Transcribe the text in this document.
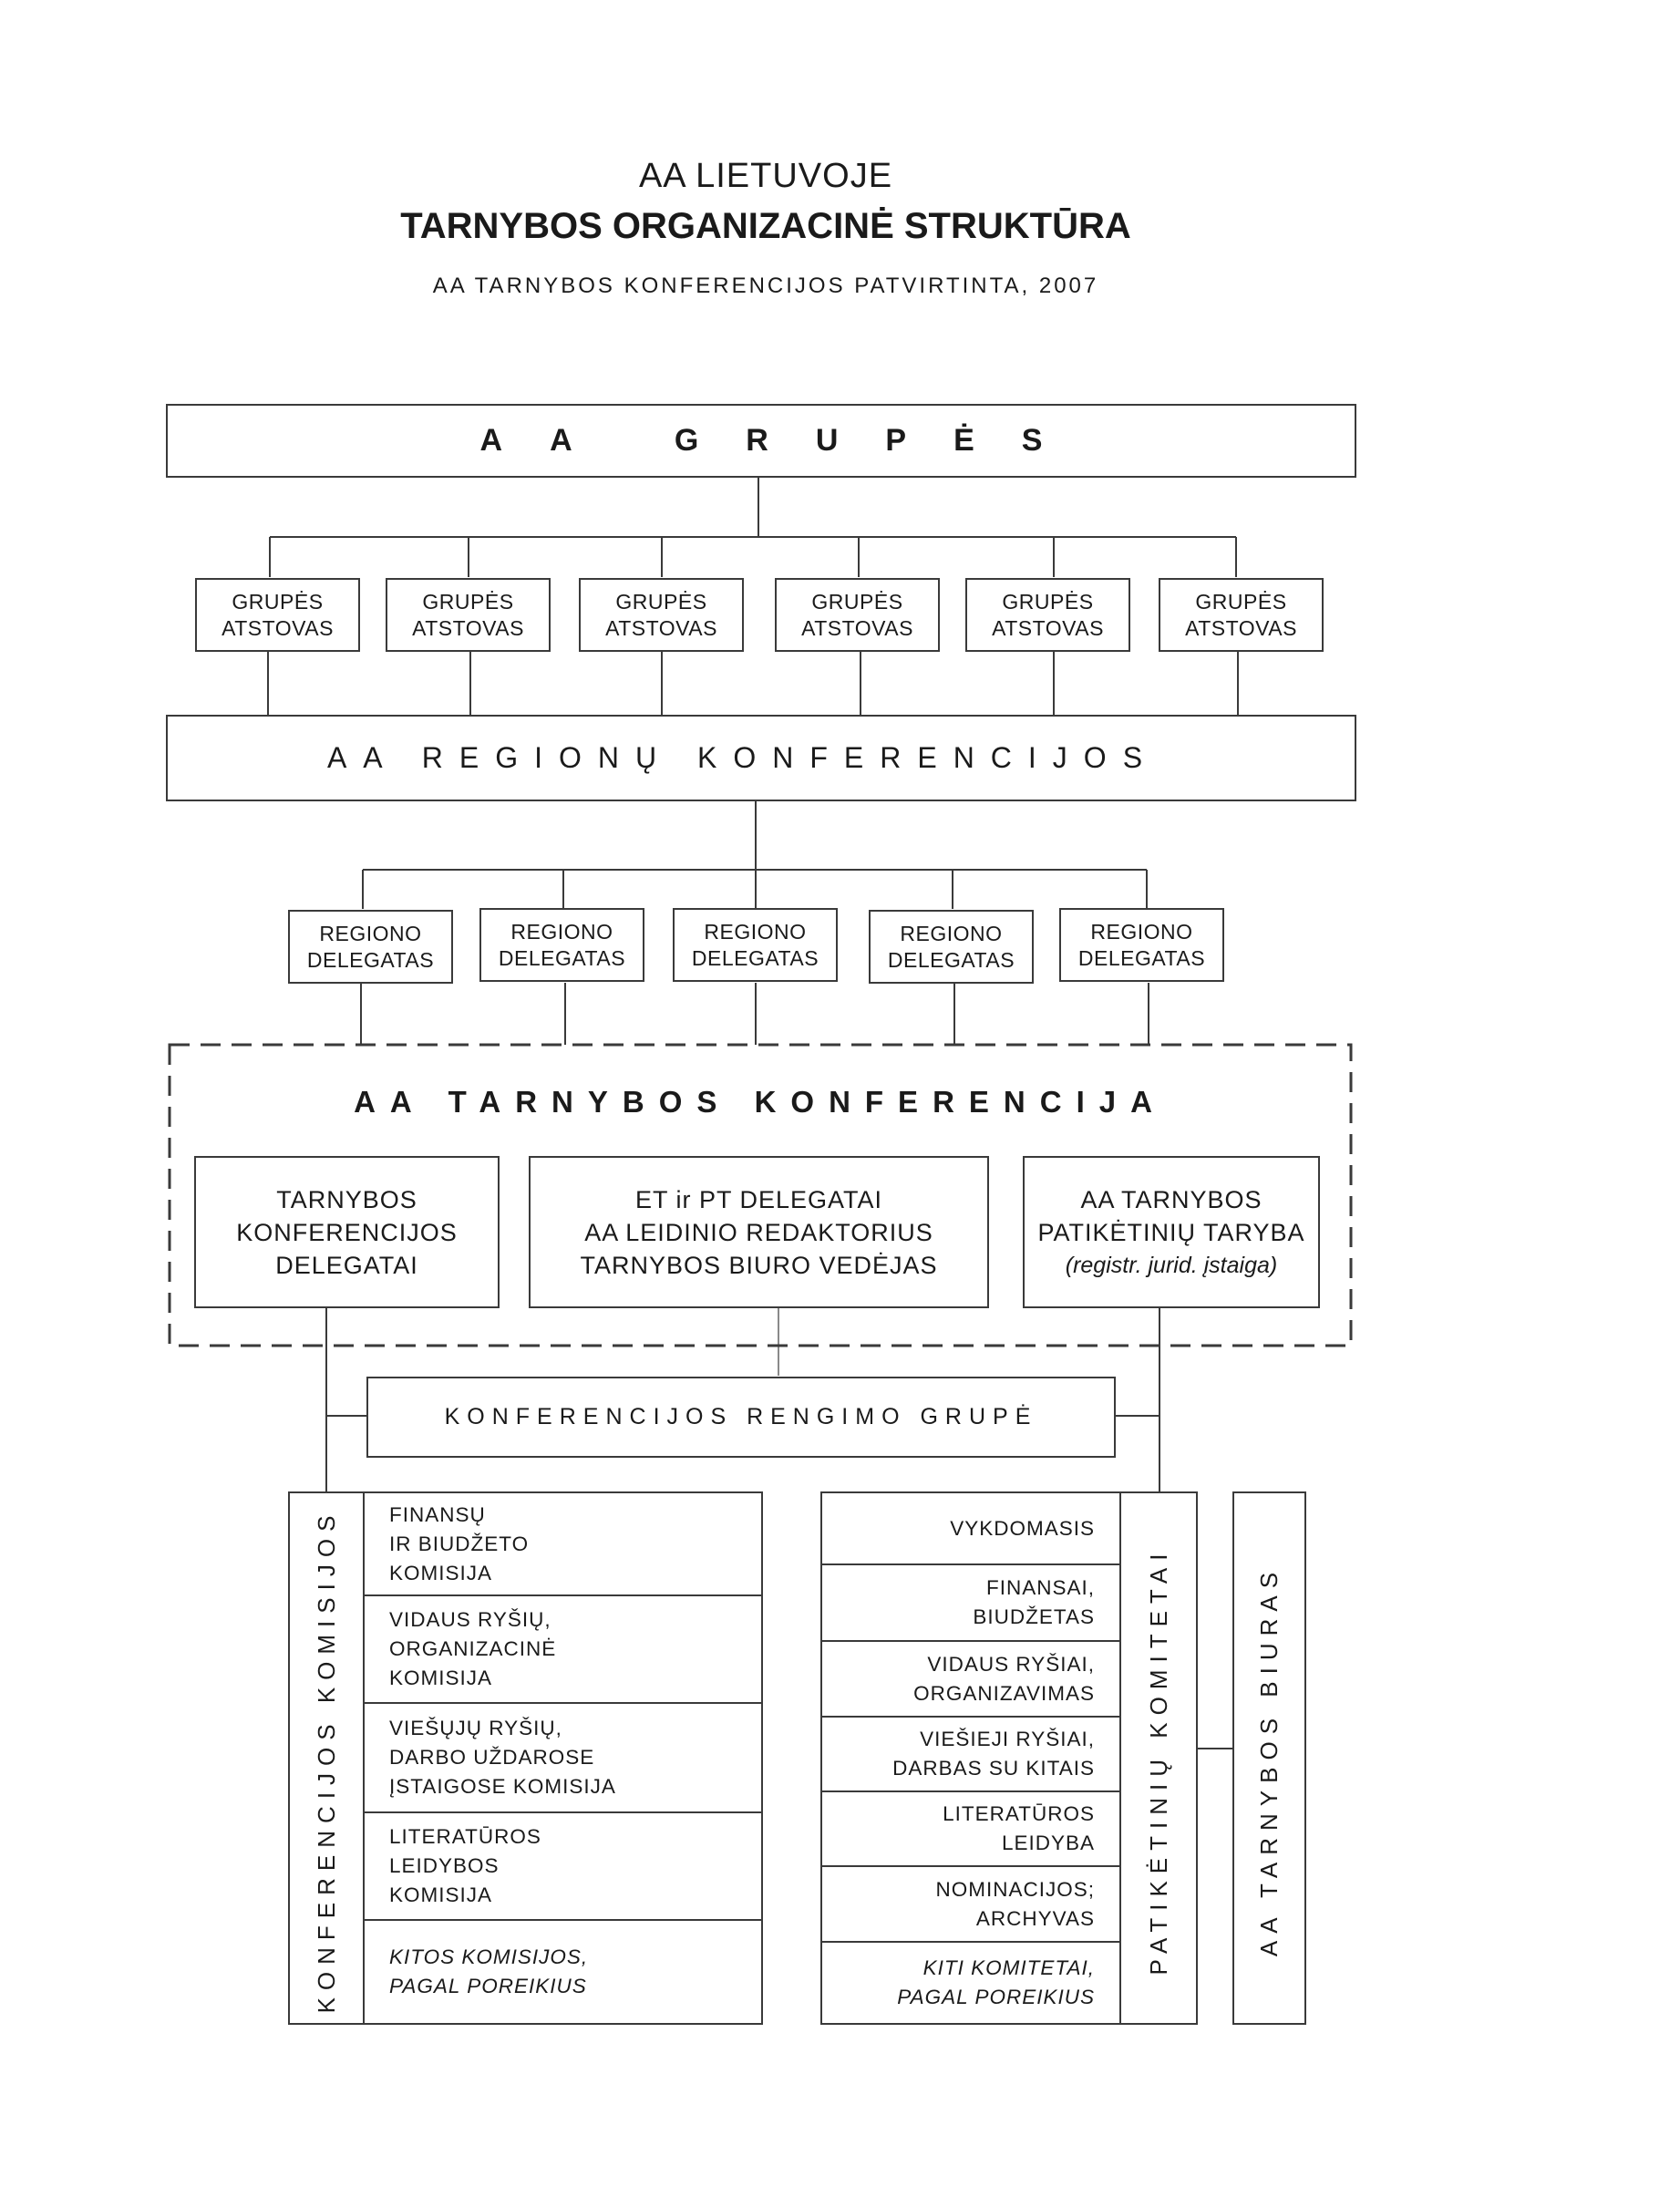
AA LIETUVOJE
TARNYBOS ORGANIZACINĖ STRUKTŪRA
AA TARNYBOS KONFERENCIJOS PATVIRTINTA, 2007
AA GRUPĖS
GRUPĖS
ATSTOVAS
GRUPĖS
ATSTOVAS
GRUPĖS
ATSTOVAS
GRUPĖS
ATSTOVAS
GRUPĖS
ATSTOVAS
GRUPĖS
ATSTOVAS
AA REGIONŲ KONFERENCIJOS
REGIONO
DELEGATAS
REGIONO
DELEGATAS
REGIONO
DELEGATAS
REGIONO
DELEGATAS
REGIONO
DELEGATAS
AA TARNYBOS KONFERENCIJA
TARNYBOS
KONFERENCIJOS
DELEGATAI
ET ir PT DELEGATAI
AA LEIDINIO REDAKTORIUS
TARNYBOS BIURO VEDĖJAS
AA TARNYBOS
PATIKĖTINIŲ TARYBA
(registr. jurid. įstaiga)
KONFERENCIJOS RENGIMO GRUPĖ
KONFERENCIJOS KOMISIJOS	FINANSŲ
IR BIUDŽETO
KOMISIJA
VIDAUS RYŠIŲ,
ORGANIZACINĖ
KOMISIJA
VIEŠŲJŲ RYŠIŲ,
DARBO UŽDAROSE
ĮSTAIGOSE KOMISIJA
LITERATŪROS
LEIDYBOS
KOMISIJA
KITOS KOMISIJOS,
PAGAL POREIKIUS
VYKDOMASIS
FINANSAI,
BIUDŽETAS
VIDAUS RYŠIAI,
ORGANIZAVIMAS
VIEŠIEJI RYŠIAI,
DARBAS SU KITAIS
LITERATŪROS
LEIDYBA
NOMINACIJOS;
ARCHYVAS
KITI KOMITETAI,
PAGAL POREIKIUS
PATIKĖTINIŲ KOMITETAI	AA TARNYBOS BIURAS
